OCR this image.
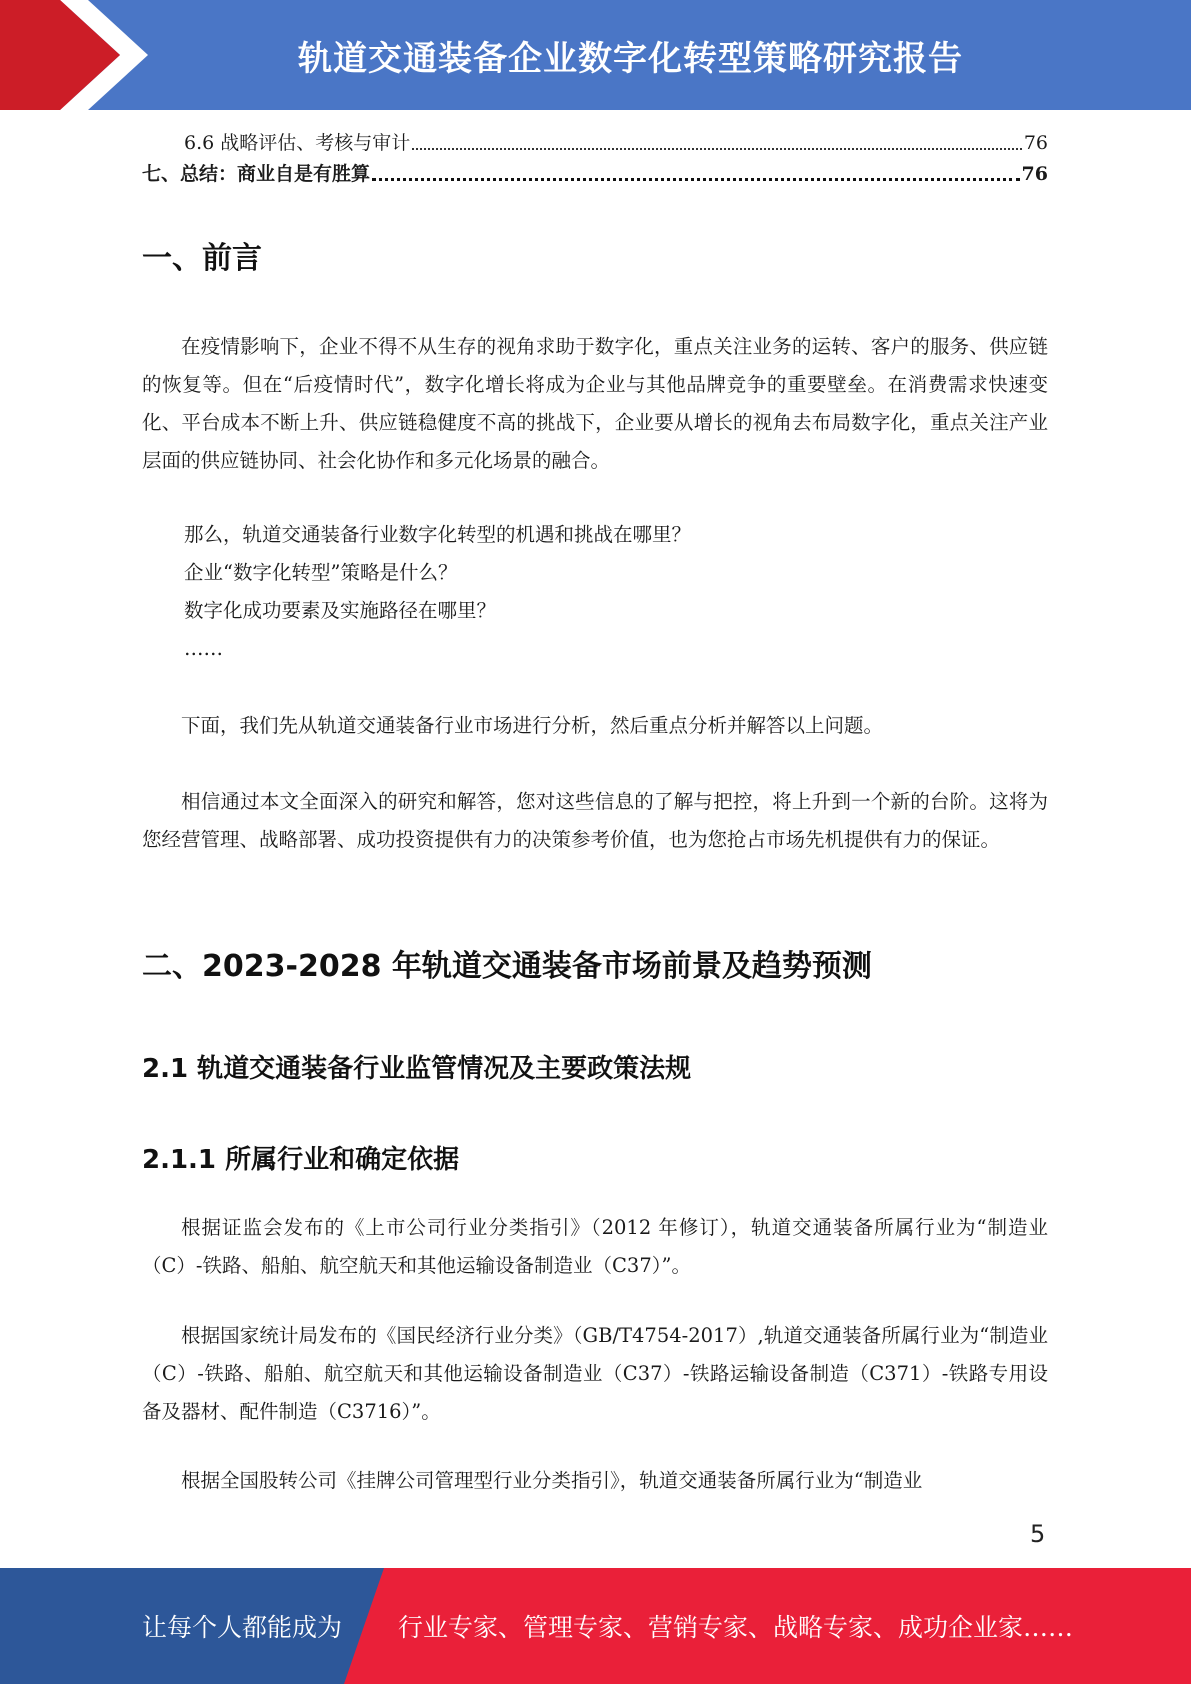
轨道交通装备企业数字化转型策略研究报告
6.6 战略评估、考核与审计	76
七、总结：商业自是有胜算	76
一、前言

在疫情影响下，企业不得不从生存的视角求助于数字化，重点关注业务的运转、客户的服务、供应链的恢复等。但在“后疫情时代”，数字化增长将成为企业与其他品牌竞争的重要壁垒。在消费需求快速变化、平台成本不断上升、供应链稳健度不高的挑战下，企业要从增长的视角去布局数字化，重点关注产业层面的供应链协同、社会化协作和多元化场景的融合。

那么，轨道交通装备行业数字化转型的机遇和挑战在哪里？

企业“数字化转型”策略是什么？

数字化成功要素及实施路径在哪里？

……

下面，我们先从轨道交通装备行业市场进行分析，然后重点分析并解答以上问题。

相信通过本文全面深入的研究和解答，您对这些信息的了解与把控，将上升到一个新的台阶。这将为您经营管理、战略部署、成功投资提供有力的决策参考价值，也为您抢占市场先机提供有力的保证。

二、2023-2028 年轨道交通装备市场前景及趋势预测
2.1 轨道交通装备行业监管情况及主要政策法规
2.1.1 所属行业和确定依据

根据证监会发布的《上市公司行业分类指引》（2012 年修订），轨道交通装备所属行业为“制造业（C）-铁路、船舶、航空航天和其他运输设备制造业（C37）”。

根据国家统计局发布的《国民经济行业分类》（GB/T4754-2017）,轨道交通装备所属行业为“制造业（C）-铁路、船舶、航空航天和其他运输设备制造业（C37）-铁路运输设备制造（C371）-铁路专用设备及器材、配件制造（C3716）”。

根据全国股转公司《挂牌公司管理型行业分类指引》，轨道交通装备所属行业为“制造业

5
让每个人都能成为 行业专家、管理专家、营销专家、战略专家、成功企业家……
